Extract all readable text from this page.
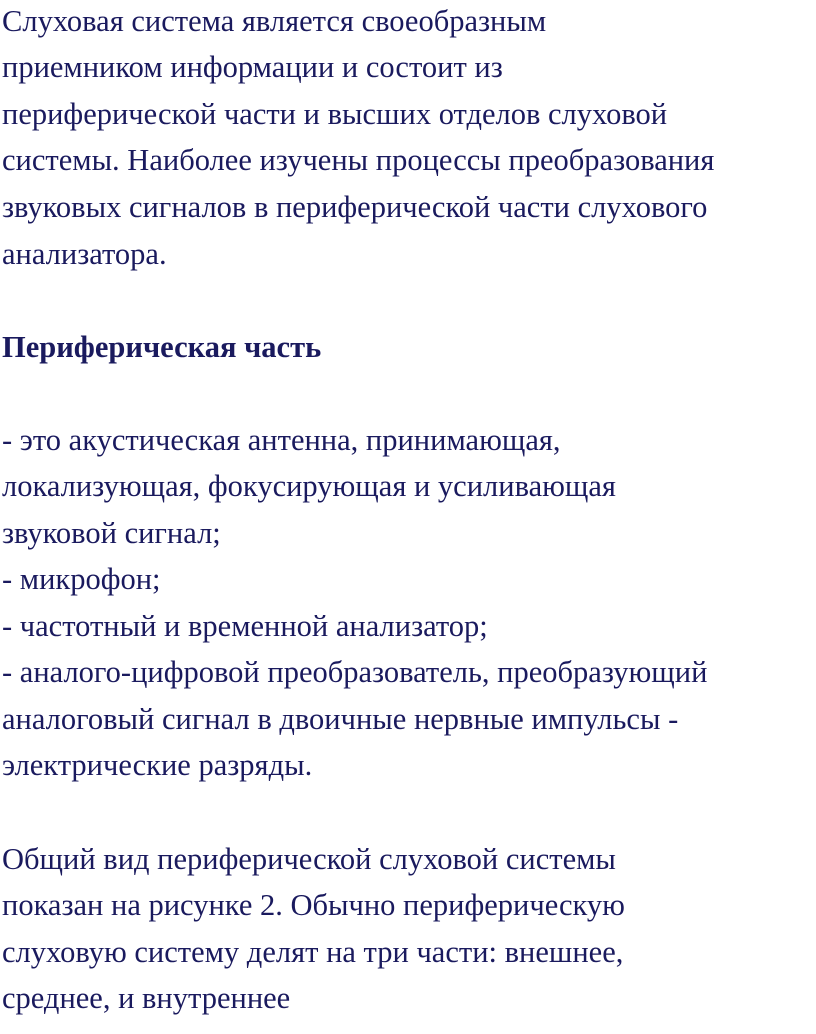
Слуховая система является своеобразным
приемником информации и состоит из
периферической части и высших отделов слуховой
системы. Наиболее изучены процессы преобразования
звуковых сигналов в периферической части слухового
анализатора.
Периферическая часть
- это акустическая антенна, принимающая,
локализующая, фокусирующая и усиливающая
звуковой сигнал;
- микрофон;
- частотный и временной анализатор;
- аналого-цифровой преобразователь, преобразующий
аналоговый сигнал в двоичные нервные импульсы -
электрические разряды.
Общий вид периферической слуховой системы
показан на рисунке 2. Обычно периферическую
слуховую систему делят на три части: внешнее,
среднее, и внутреннее
